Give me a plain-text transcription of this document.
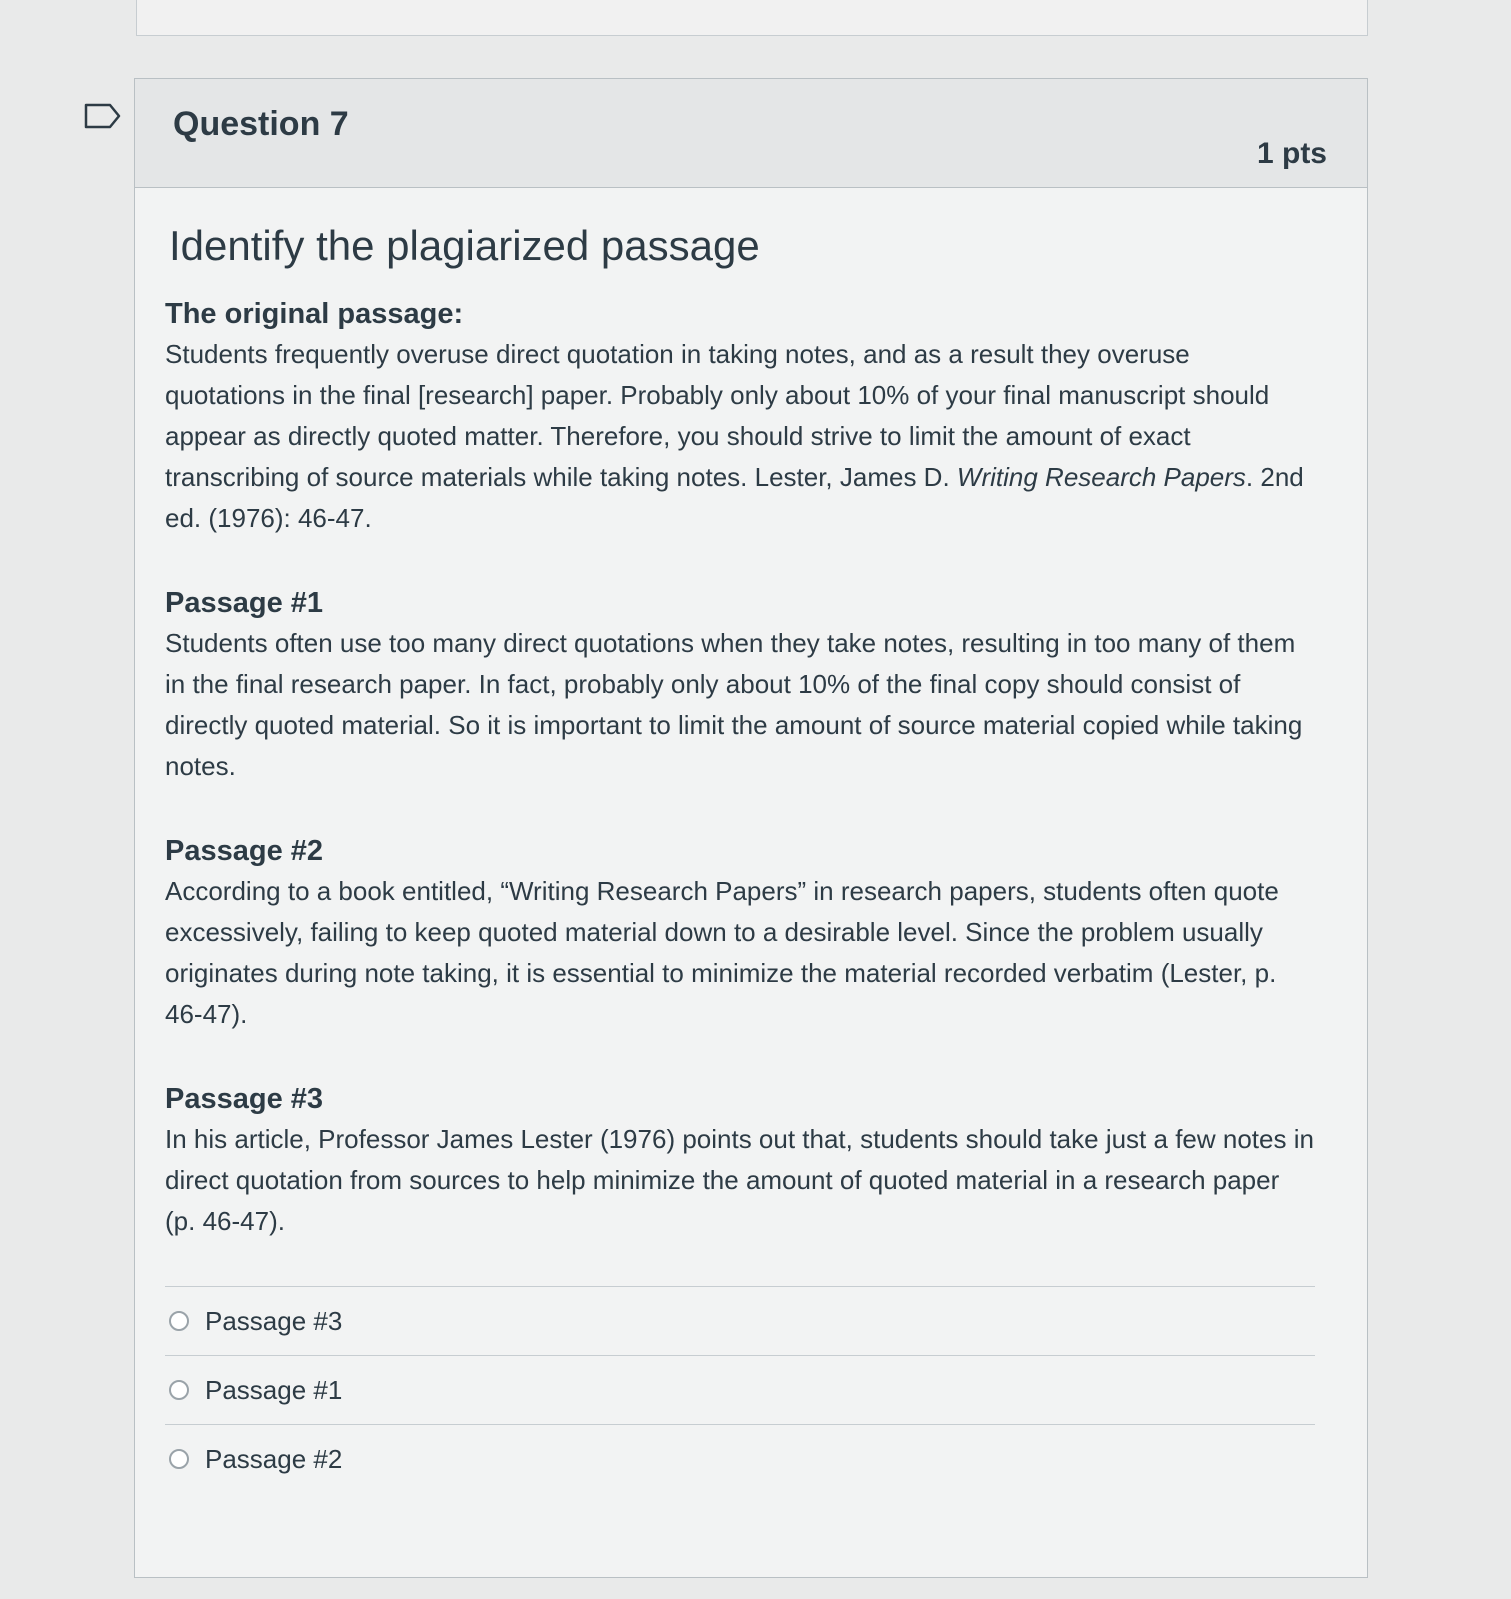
Question 7
1 pts
Identify the plagiarized passage
The original passage:
Students frequently overuse direct quotation in taking notes, and as a result they overuse quotations in the final [research] paper. Probably only about 10% of your final manuscript should appear as directly quoted matter. Therefore, you should strive to limit the amount of exact transcribing of source materials while taking notes. Lester, James D. Writing Research Papers. 2nd ed. (1976): 46-47.
Passage #1
Students often use too many direct quotations when they take notes, resulting in too many of them in the final research paper. In fact, probably only about 10% of the final copy should consist of directly quoted material. So it is important to limit the amount of source material copied while taking notes.
Passage #2
According to a book entitled, “Writing Research Papers” in research papers, students often quote excessively, failing to keep quoted material down to a desirable level. Since the problem usually originates during note taking, it is essential to minimize the material recorded verbatim (Lester, p. 46-47).
Passage #3
In his article, Professor James Lester (1976) points out that, students should take just a few notes in direct quotation from sources to help minimize the amount of quoted material in a research paper (p. 46-47).
Passage #3
Passage #1
Passage #2
